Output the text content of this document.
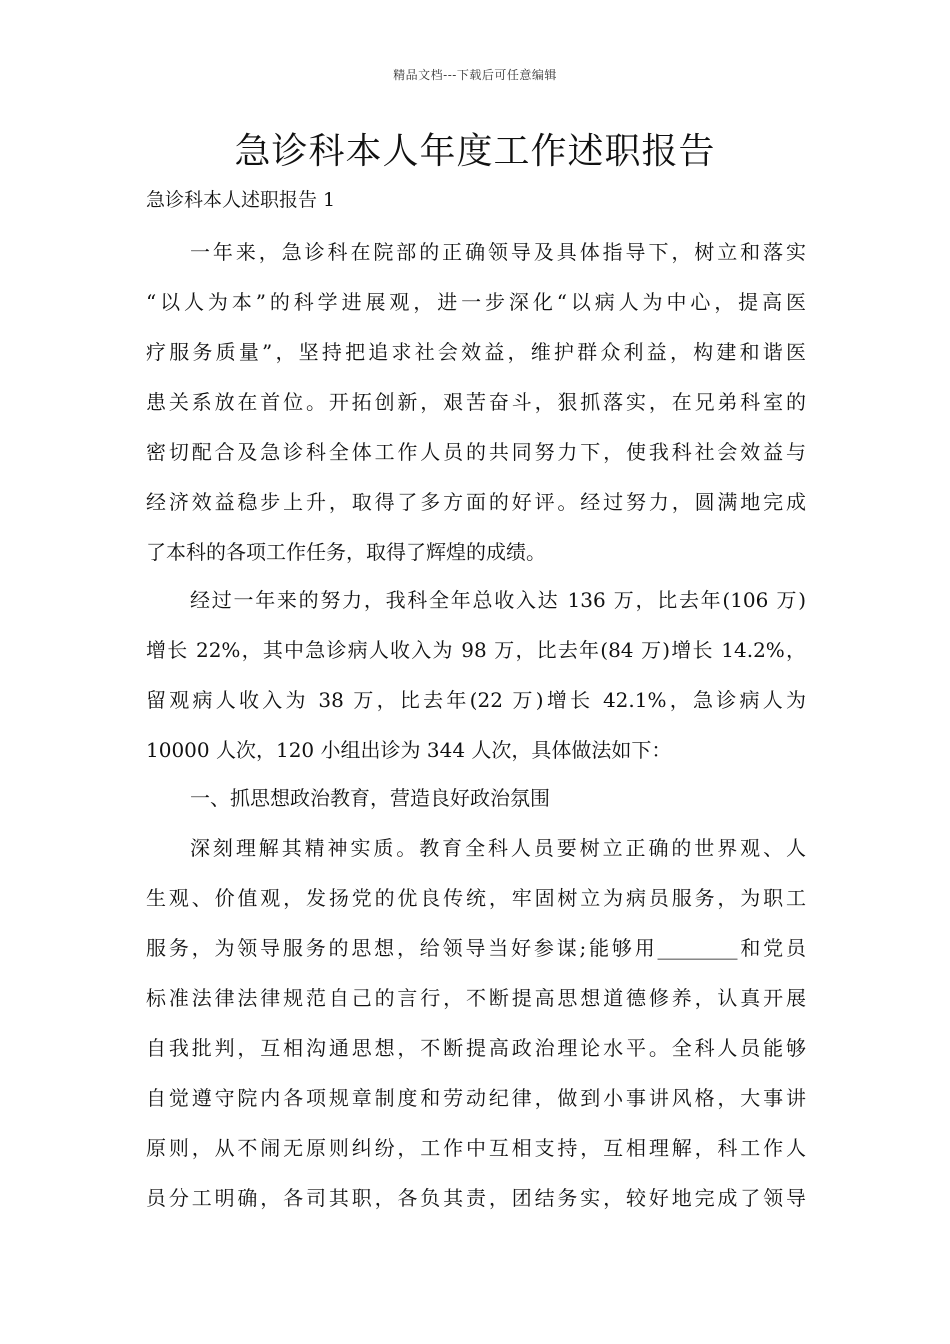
精品文档---下载后可任意编辑
急诊科本人年度工作述职报告
急诊科本人述职报告 1
一年来，急诊科在院部的正确领导及具体指导下，树立和落实
“以人为本”的科学进展观，进一步深化“以病人为中心，提高医
疗服务质量”，坚持把追求社会效益，维护群众利益，构建和谐医
患关系放在首位。开拓创新，艰苦奋斗，狠抓落实，在兄弟科室的
密切配合及急诊科全体工作人员的共同努力下，使我科社会效益与
经济效益稳步上升，取得了多方面的好评。经过努力，圆满地完成
了本科的各项工作任务，取得了辉煌的成绩。
经过一年来的努力，我科全年总收入达 136 万，比去年(106 万)
增长 22%，其中急诊病人收入为 98 万，比去年(84 万)增长 14.2%，
留观病人收入为 38 万，比去年(22 万)增长 42.1%，急诊病人为
10000 人次，120 小组出诊为 344 人次，具体做法如下：
一、抓思想政治教育，营造良好政治氛围
深刻理解其精神实质。教育全科人员要树立正确的世界观、人
生观、价值观，发扬党的优良传统，牢固树立为病员服务，为职工
服务，为领导服务的思想，给领导当好参谋;能够用________和党员
标准法律法律规范自己的言行，不断提高思想道德修养，认真开展
自我批判，互相沟通思想，不断提高政治理论水平。全科人员能够
自觉遵守院内各项规章制度和劳动纪律，做到小事讲风格，大事讲
原则，从不闹无原则纠纷，工作中互相支持，互相理解，科工作人
员分工明确，各司其职，各负其责，团结务实，较好地完成了领导
